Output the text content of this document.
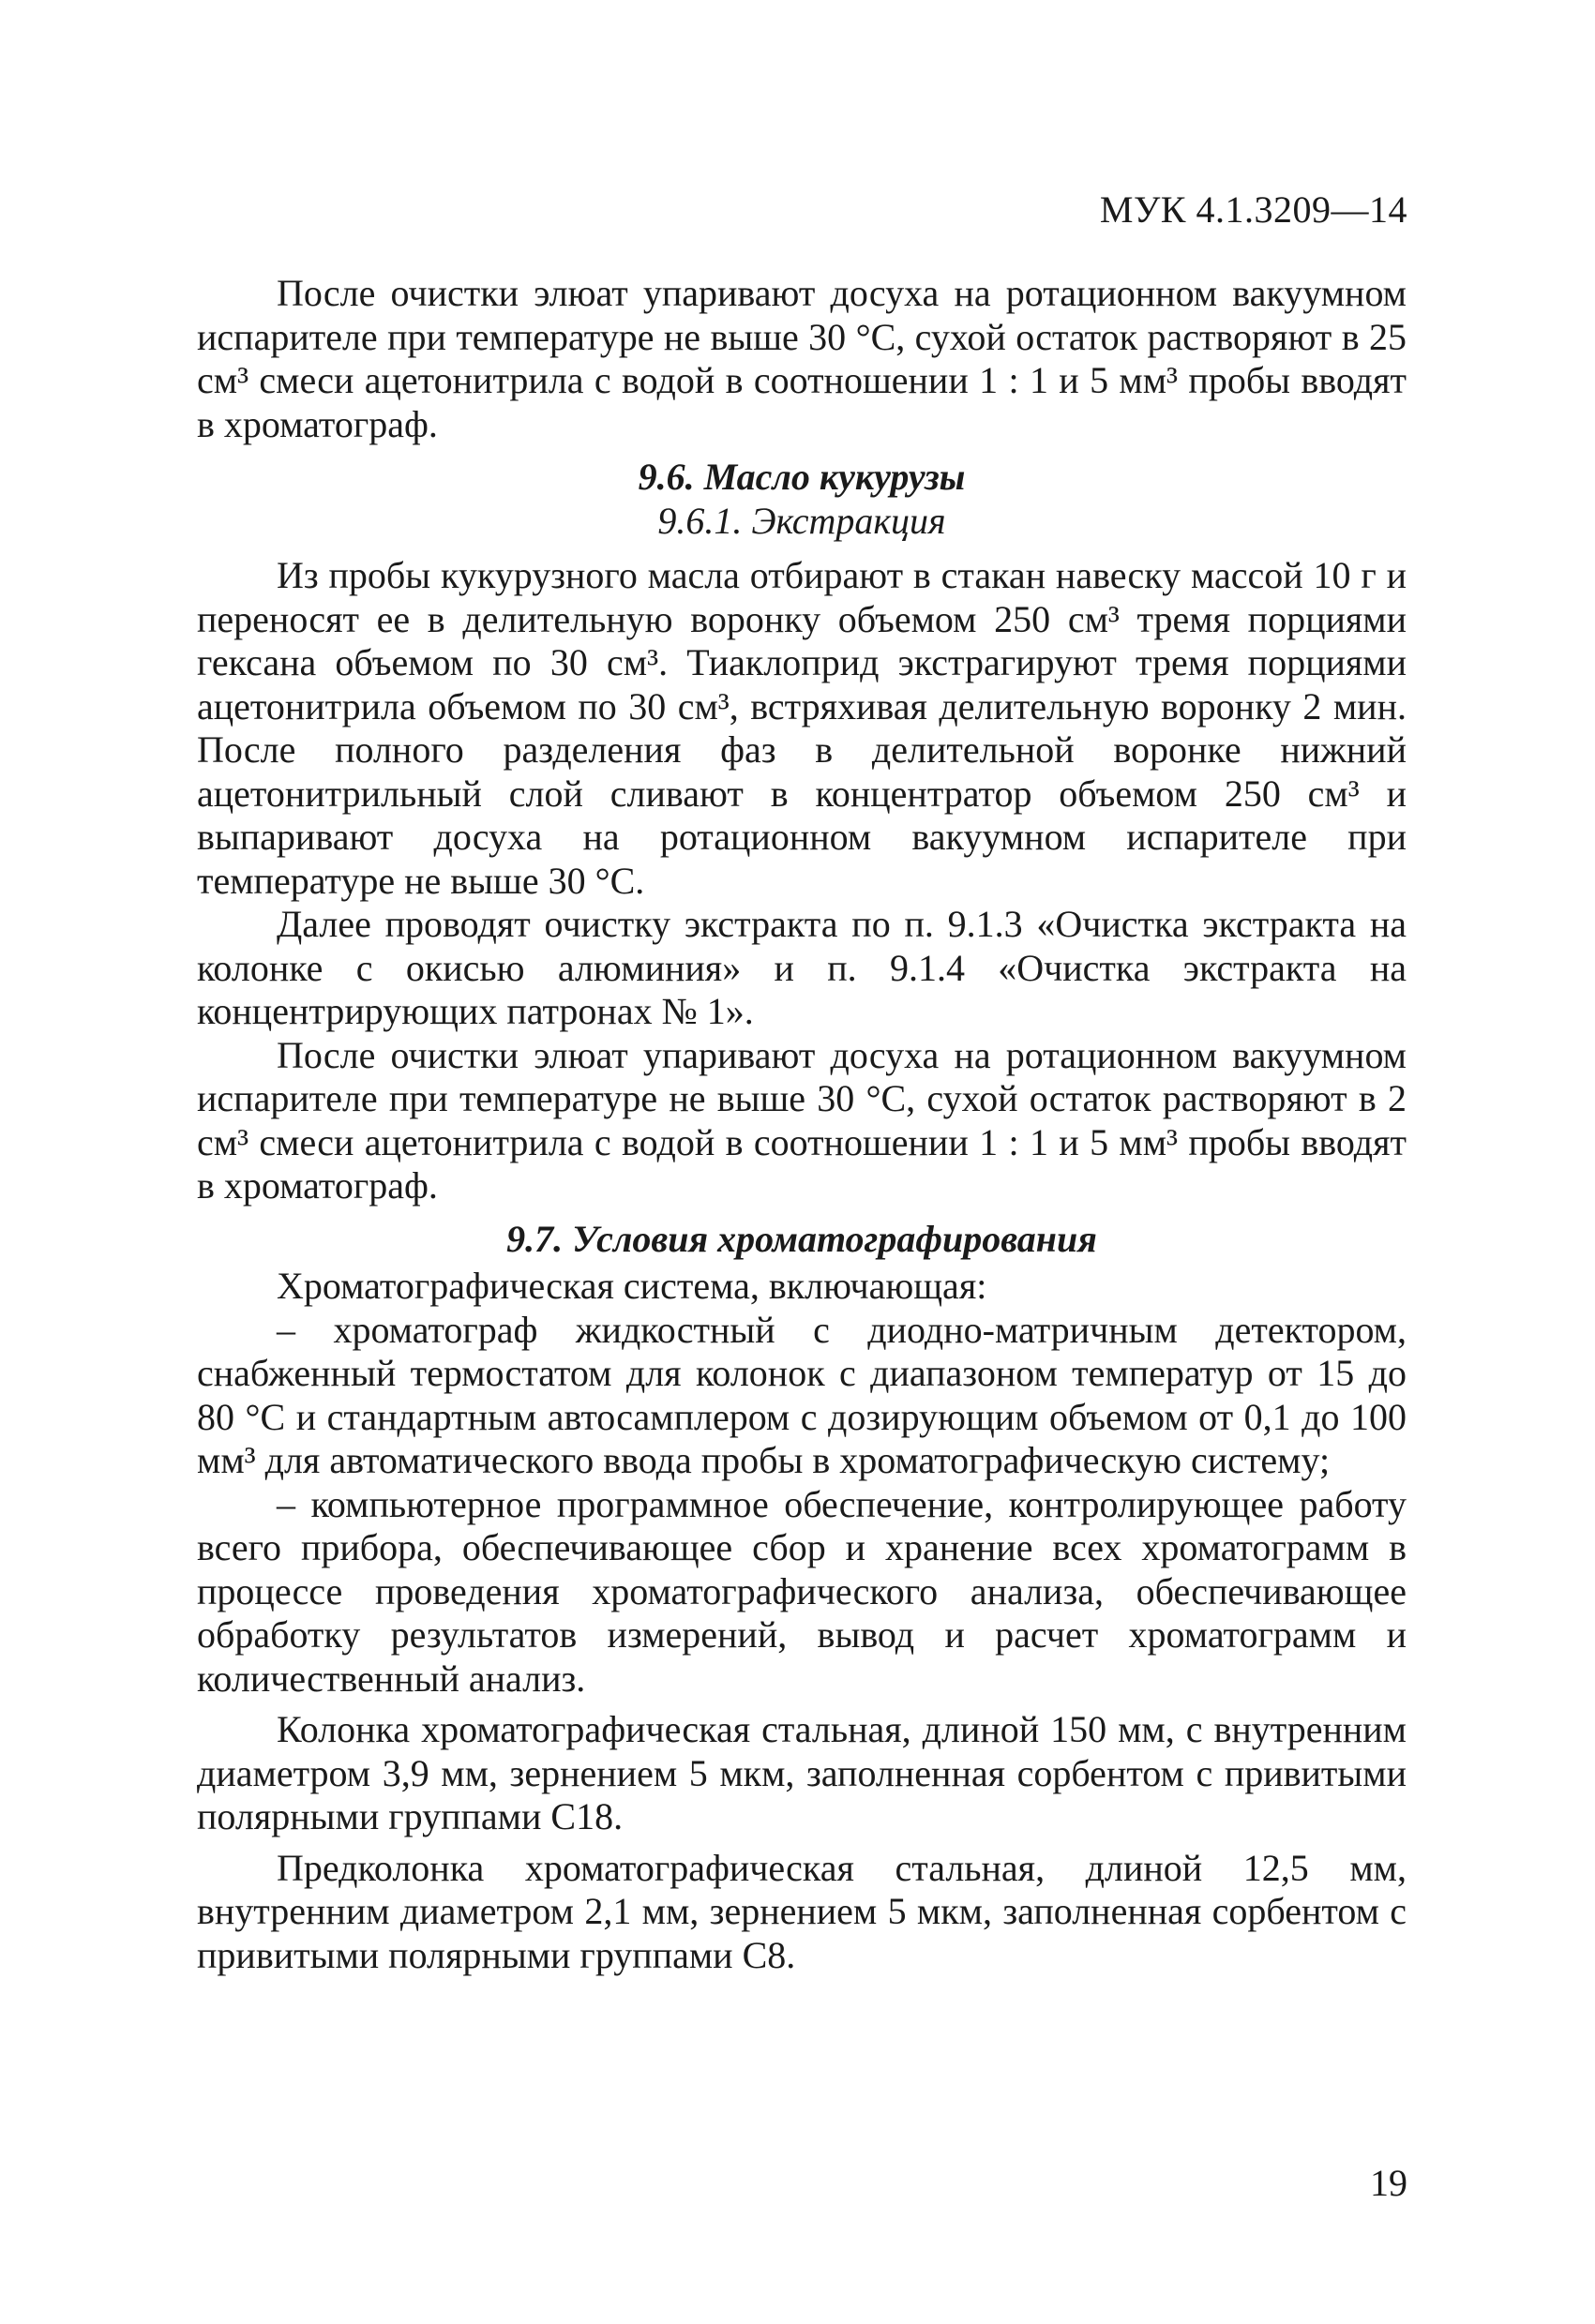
МУК 4.1.3209—14

После очистки элюат упаривают досуха на ротационном вакуумном испарителе при температуре не выше 30 °C, сухой остаток растворяют в 25 см³ смеси ацетонитрила с водой в соотношении 1 : 1 и 5 мм³ пробы вводят в хроматограф.

9.6. Масло кукурузы
9.6.1. Экстракция

Из пробы кукурузного масла отбирают в стакан навеску массой 10 г и переносят ее в делительную воронку объемом 250 см³ тремя порциями гексана объемом по 30 см³. Тиаклоприд экстрагируют тремя порциями ацетонитрила объемом по 30 см³, встряхивая делительную воронку 2 мин. После полного разделения фаз в делительной воронке нижний ацетонитрильный слой сливают в концентратор объемом 250 см³ и выпаривают досуха на ротационном вакуумном испарителе при температуре не выше 30 °C.

Далее проводят очистку экстракта по п. 9.1.3 «Очистка экстракта на колонке с окисью алюминия» и п. 9.1.4 «Очистка экстракта на концентрирующих патронах № 1».

После очистки элюат упаривают досуха на ротационном вакуумном испарителе при температуре не выше 30 °C, сухой остаток растворяют в 2 см³ смеси ацетонитрила с водой в соотношении 1 : 1 и 5 мм³ пробы вводят в хроматограф.

9.7. Условия хроматографирования

Хроматографическая система, включающая:

– хроматограф жидкостный с диодно-матричным детектором, снабженный термостатом для колонок с диапазоном температур от 15 до 80 °C и стандартным автосамплером с дозирующим объемом от 0,1 до 100 мм³ для автоматического ввода пробы в хроматографическую систему;

– компьютерное программное обеспечение, контролирующее работу всего прибора, обеспечивающее сбор и хранение всех хроматограмм в процессе проведения хроматографического анализа, обеспечивающее обработку результатов измерений, вывод и расчет хроматограмм и количественный анализ.

Колонка хроматографическая стальная, длиной 150 мм, с внутренним диаметром 3,9 мм, зернением 5 мкм, заполненная сорбентом с привитыми полярными группами С18.

Предколонка хроматографическая стальная, длиной 12,5 мм, внутренним диаметром 2,1 мм, зернением 5 мкм, заполненная сорбентом с привитыми полярными группами С8.

19
